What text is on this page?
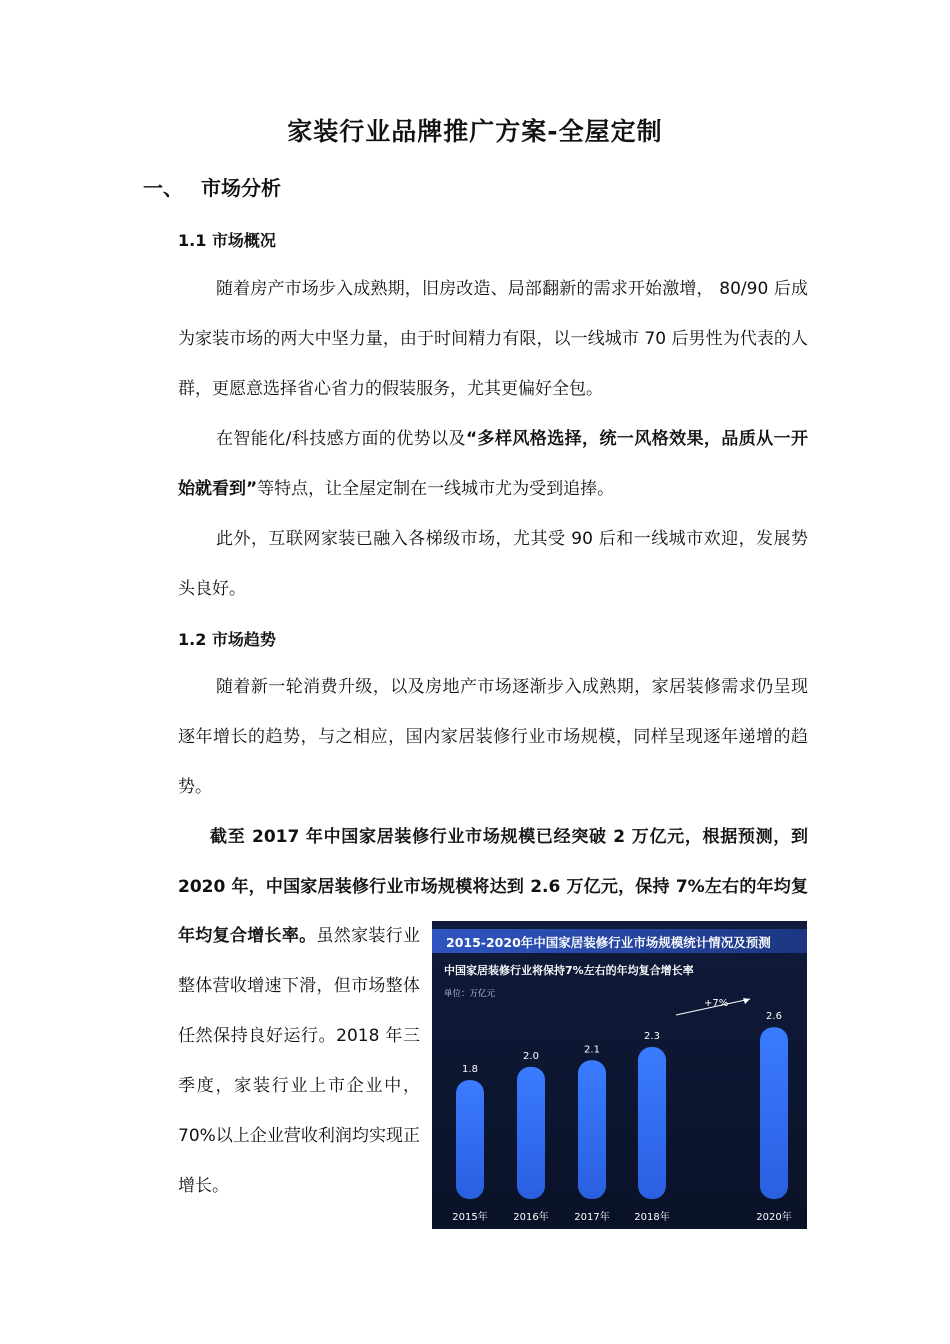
家装行业品牌推广方案-全屋定制
一、 市场分析
1.1 市场概况

随着房产市场步入成熟期，旧房改造、局部翻新的需求开始激增， 80/90 后成为家装市场的两大中坚力量，由于时间精力有限，以一线城市 70 后男性为代表的人群，更愿意选择省心省力的假装服务，尤其更偏好全包。

在智能化/科技感方面的优势以及“多样风格选择，统一风格效果，品质从一开始就看到”等特点，让全屋定制在一线城市尤为受到追捧。

此外，互联网家装已融入各梯级市场，尤其受 90 后和一线城市欢迎，发展势头良好。

1.2 市场趋势

随着新一轮消费升级，以及房地产市场逐渐步入成熟期，家居装修需求仍呈现逐年增长的趋势，与之相应，国内家居装修行业市场规模，同样呈现逐年递增的趋势。

截至 2017 年中国家居装修行业市场规模已经突破 2 万亿元，根据预测，到 2020 年，中国家居装修行业市场规模将达到 2.6 万亿元，保持 7%左右的年均复

年均复合增长率。虽然家装行业整体营收增速下滑，但市场整体任然保持良好运行。2018 年三季度，家装行业上市企业中，70%以上企业营收利润均实现正增长。

2015-2020年中国家居装修行业市场规模统计情况及预测
中国家居装修行业将保持7%左右的年均复合增长率
单位：万亿元
1.8
2015年
2.0
2016年
2.1
2017年
2.3
2018年
2.6
2020年
+7%
